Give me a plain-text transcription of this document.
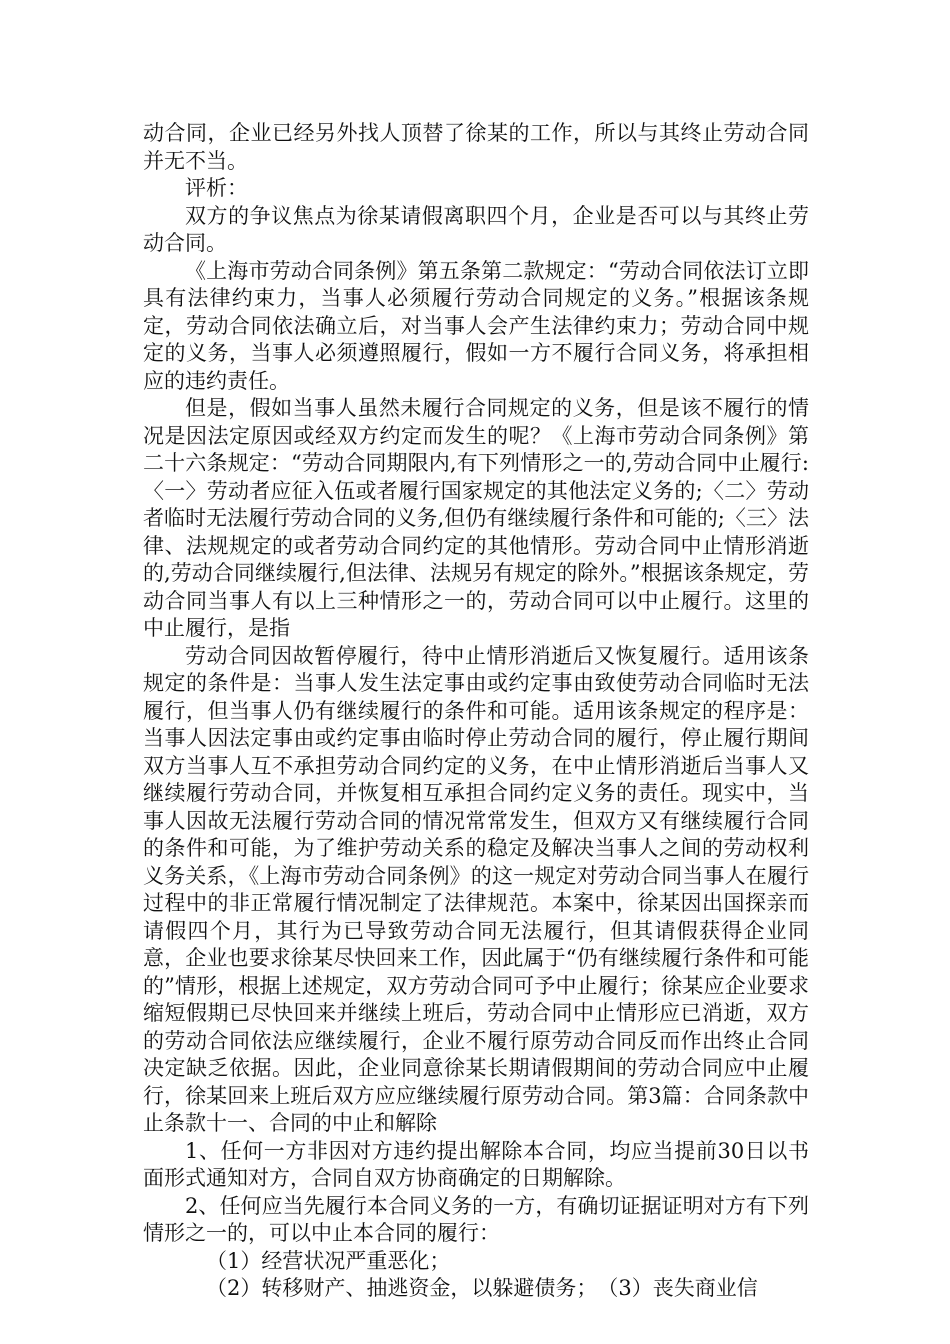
动合同，企业已经另外找人顶替了徐某的工作，所以与其终止劳动合同并无不当。

评析：

双方的争议焦点为徐某请假离职四个月，企业是否可以与其终止劳动合同。

《上海市劳动合同条例》第五条第二款规定：“劳动合同依法订立即具有法律约束力，当事人必须履行劳动合同规定的义务。”根据该条规定，劳动合同依法确立后，对当事人会产生法律约束力；劳动合同中规定的义务，当事人必须遵照履行，假如一方不履行合同义务，将承担相应的违约责任。

但是，假如当事人虽然未履行合同规定的义务，但是该不履行的情况是因法定原因或经双方约定而发生的呢？《上海市劳动合同条例》第二十六条规定：“劳动合同期限内,有下列情形之一的,劳动合同中止履行:〈一〉劳动者应征入伍或者履行国家规定的其他法定义务的;〈二〉劳动者临时无法履行劳动合同的义务,但仍有继续履行条件和可能的;〈三〉法律、法规规定的或者劳动合同约定的其他情形。劳动合同中止情形消逝的,劳动合同继续履行,但法律、法规另有规定的除外。”根据该条规定，劳动合同当事人有以上三种情形之一的，劳动合同可以中止履行。这里的中止履行，是指

劳动合同因故暂停履行，待中止情形消逝后又恢复履行。适用该条规定的条件是：当事人发生法定事由或约定事由致使劳动合同临时无法履行，但当事人仍有继续履行的条件和可能。适用该条规定的程序是：当事人因法定事由或约定事由临时停止劳动合同的履行，停止履行期间双方当事人互不承担劳动合同约定的义务，在中止情形消逝后当事人又继续履行劳动合同，并恢复相互承担合同约定义务的责任。现实中，当事人因故无法履行劳动合同的情况常常发生，但双方又有继续履行合同的条件和可能，为了维护劳动关系的稳定及解决当事人之间的劳动权利义务关系，《上海市劳动合同条例》的这一规定对劳动合同当事人在履行过程中的非正常履行情况制定了法律规范。本案中，徐某因出国探亲而请假四个月，其行为已导致劳动合同无法履行，但其请假获得企业同意，企业也要求徐某尽快回来工作，因此属于“仍有继续履行条件和可能的”情形，根据上述规定，双方劳动合同可予中止履行；徐某应企业要求缩短假期已尽快回来并继续上班后，劳动合同中止情形应已消逝，双方的劳动合同依法应继续履行，企业不履行原劳动合同反而作出终止合同决定缺乏依据。因此，企业同意徐某长期请假期间的劳动合同应中止履行，徐某回来上班后双方应应继续履行原劳动合同。第3篇：合同条款中止条款十一、合同的中止和解除

1、任何一方非因对方违约提出解除本合同，均应当提前30日以书面形式通知对方，合同自双方协商确定的日期解除。

2、任何应当先履行本合同义务的一方，有确切证据证明对方有下列情形之一的，可以中止本合同的履行：

（1）经营状况严重恶化；

（2）转移财产、抽逃资金，以躲避债务；　（3）丧失商业信
